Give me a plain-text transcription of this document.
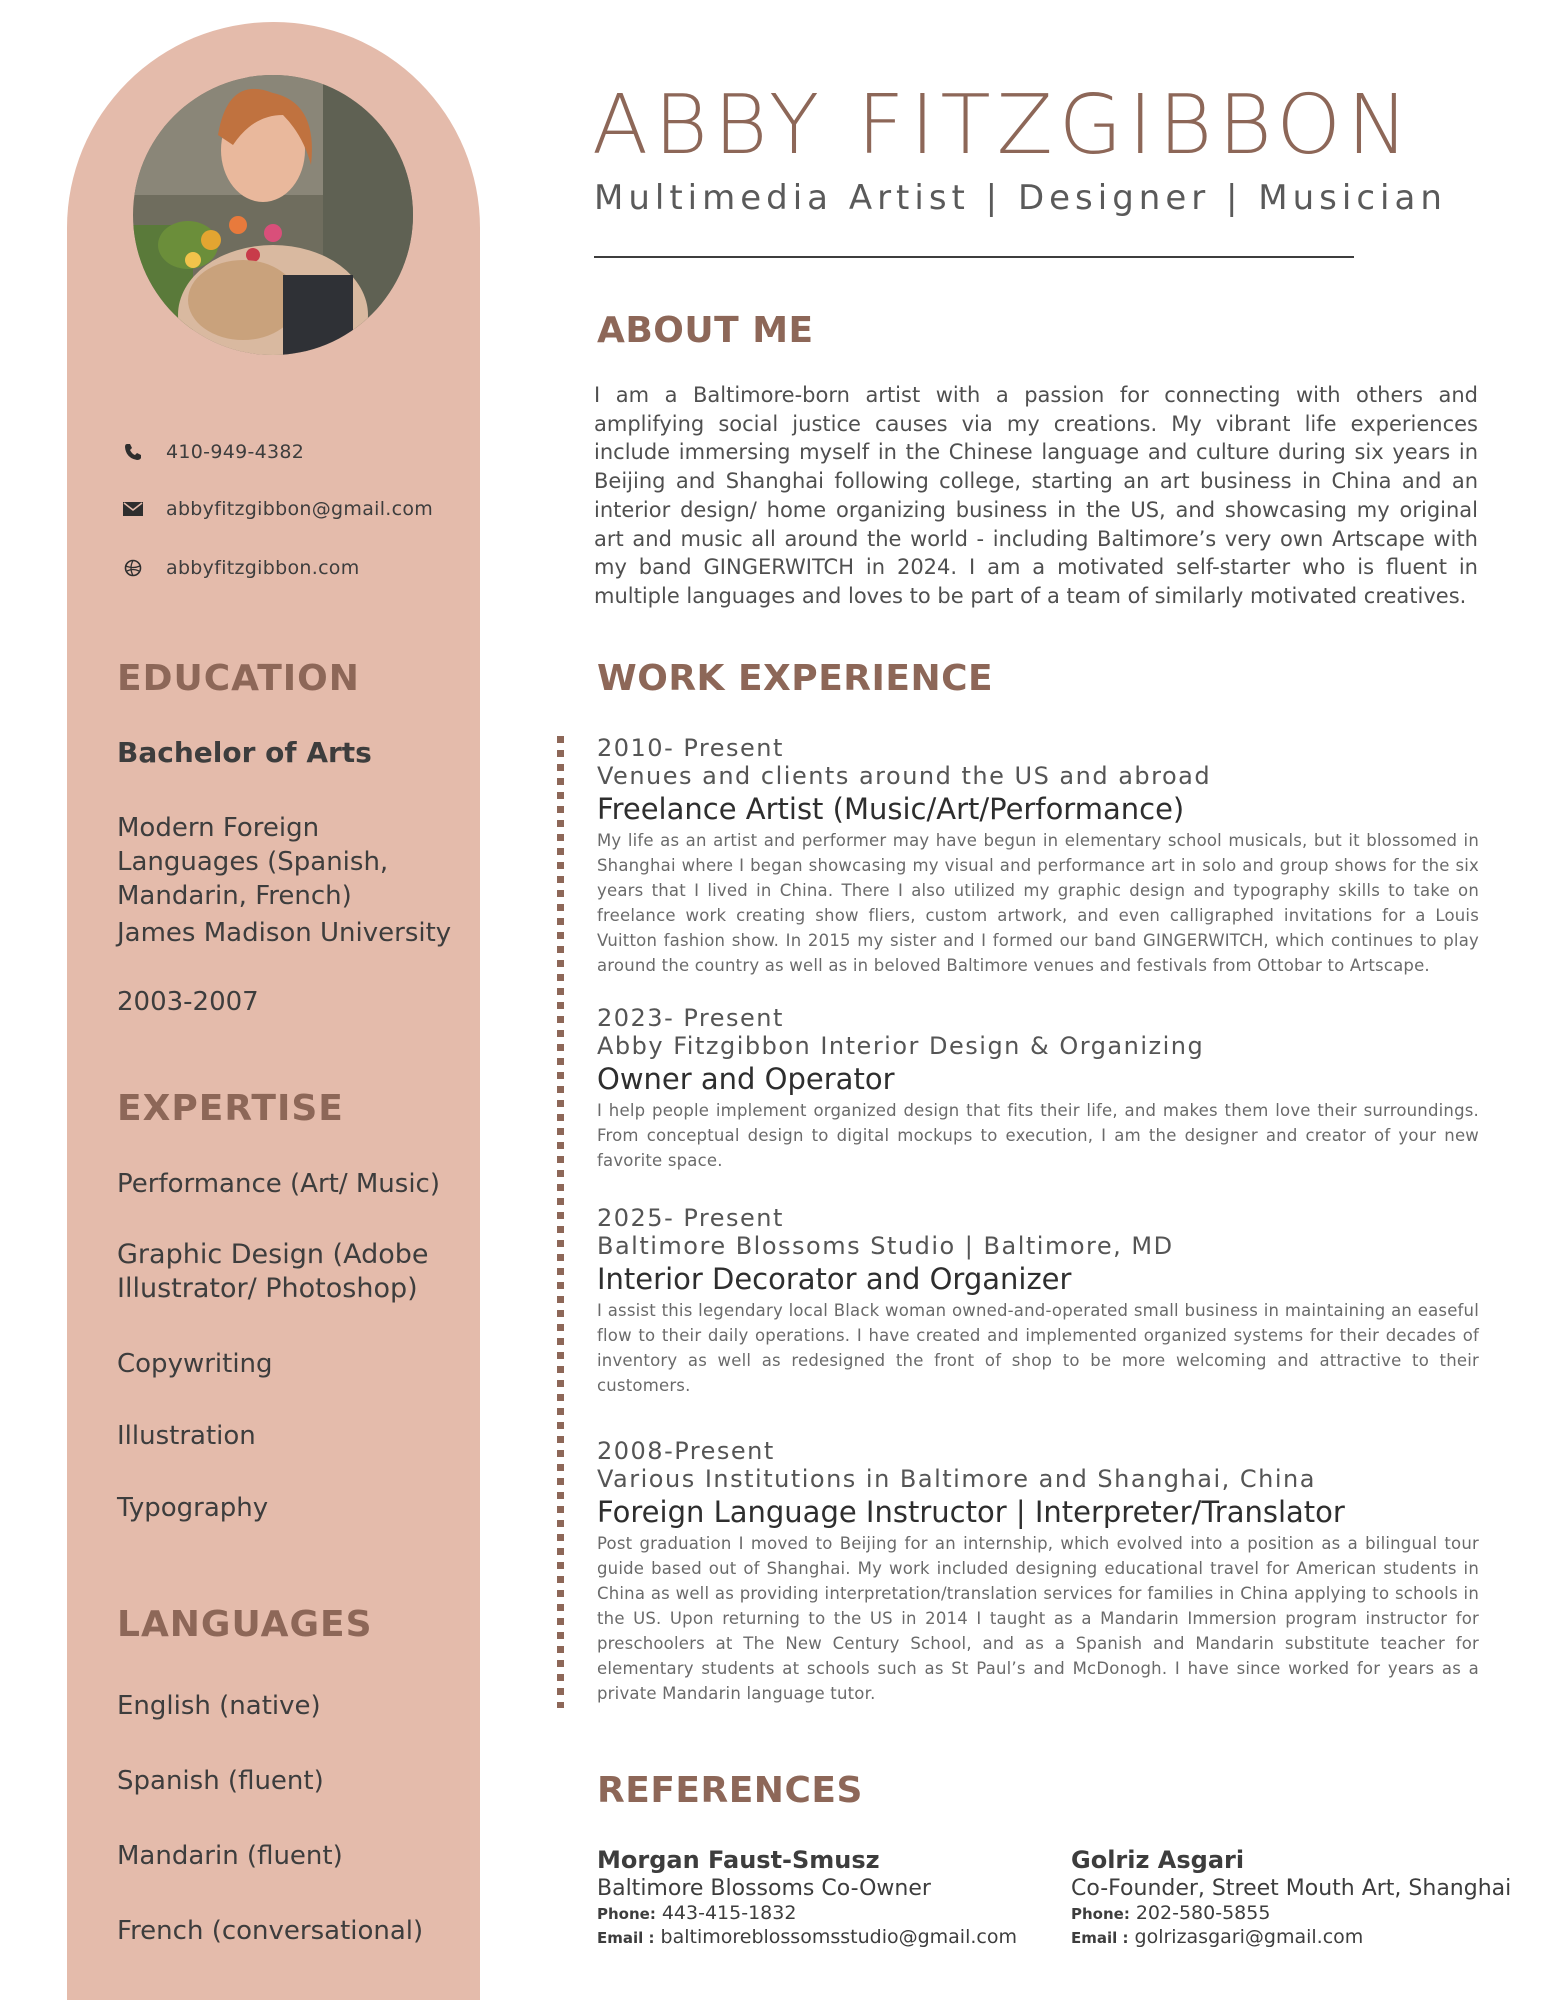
410-949-4382
abbyfitzgibbon@gmail.com
abbyfitzgibbon.com
EDUCATION
Bachelor of Arts
Modern Foreign Languages (Spanish, Mandarin, French)
James Madison University
2003-2007
EXPERTISE
Performance (Art/ Music)
Graphic Design (Adobe Illustrator/ Photoshop)
Copywriting
Illustration
Typography
LANGUAGES
English (native)
Spanish (fluent)
Mandarin (fluent)
French (conversational)
ABBY FITZGIBBON
Multimedia Artist | Designer | Musician
ABOUT ME
I am a Baltimore-born artist with a passion for connecting with others and amplifying social justice causes via my creations. My vibrant life experiences include immersing myself in the Chinese language and culture during six years in Beijing and Shanghai following college, starting an art business in China and an interior design/ home organizing business in the US, and showcasing my original art and music all around the world - including Baltimore’s very own Artscape with my band GINGERWITCH in 2024. I am a motivated self-starter who is fluent in multiple languages and loves to be part of a team of similarly motivated creatives.
WORK EXPERIENCE
2010- Present
Venues and clients around the US and abroad
Freelance Artist (Music/Art/Performance)
My life as an artist and performer may have begun in elementary school musicals, but it blossomed in Shanghai where I began showcasing my visual and performance art in solo and group shows for the six years that I lived in China. There I also utilized my graphic design and typography skills to take on freelance work creating show fliers, custom artwork, and even calligraphed invitations for a Louis Vuitton fashion show. In 2015 my sister and I formed our band GINGERWITCH, which continues to play around the country as well as in beloved Baltimore venues and festivals from Ottobar to Artscape.
2023- Present
Abby Fitzgibbon Interior Design & Organizing
Owner and Operator
I help people implement organized design that fits their life, and makes them love their surroundings. From conceptual design to digital mockups to execution, I am the designer and creator of your new favorite space.
2025- Present
Baltimore Blossoms Studio | Baltimore, MD
Interior Decorator and Organizer
I assist this legendary local Black woman owned-and-operated small business in maintaining an easeful flow to their daily operations. I have created and implemented organized systems for their decades of inventory as well as redesigned the front of shop to be more welcoming and attractive to their customers.
2008-Present
Various Institutions in Baltimore and Shanghai, China
Foreign Language Instructor | Interpreter/Translator
Post graduation I moved to Beijing for an internship, which evolved into a position as a bilingual tour guide based out of Shanghai. My work included designing educational travel for American students in China as well as providing interpretation/translation services for families in China applying to schools in the US. Upon returning to the US in 2014 I taught as a Mandarin Immersion program instructor for preschoolers at The New Century School, and as a Spanish and Mandarin substitute teacher for elementary students at schools such as St Paul’s and McDonogh. I have since worked for years as a private Mandarin language tutor.
REFERENCES
Morgan Faust-Smusz
Baltimore Blossoms Co-Owner
Phone: 443-415-1832
Email : baltimoreblossomsstudio@gmail.com
Golriz Asgari
Co-Founder, Street Mouth Art, Shanghai
Phone: 202-580-5855
Email : golrizasgari@gmail.com
